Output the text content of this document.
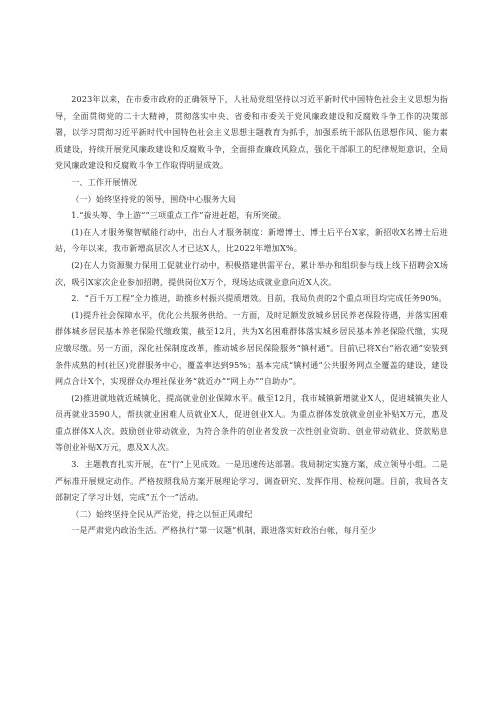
2023年以来，在市委市政府的正确领导下，人社局党组坚持以习近平新时代中国特色社会主义思想为指导，全面贯彻党的二十大精神，贯彻落实中央、省委和市委关于党风廉政建设和反腐败斗争工作的决策部署，以学习贯彻习近平新时代中国特色社会主义思想主题教育为抓手，加强系统干部队伍思想作风、能力素质建设，持续开展党风廉政建设和反腐败斗争，全面排查廉政风险点，强化干部职工的纪律规矩意识，全局党风廉政建设和反腐败斗争工作取得明显成效。

一、工作开展情况

（一）始终坚持党的领导，围绕中心服务大局

1.“拔头筹、争上游”“三项重点工作”奋进赶超，有所突破。

(1)在人才服务聚智赋能行动中，出台人才服务制度：新增博士、博士后平台X家，新招收X名博士后进站，今年以来，我市新增高层次人才已达X人，比2022年增加X%。

(2)在人力资源聚力保用工促就业行动中，积极搭建供需平台，累计举办和组织参与线上线下招聘会X场次，吸引X家次企业参加招聘，提供岗位X万个，现场达成就业意向近X人次。

2．“百千万工程”全力推进，助推乡村振兴提质增效。目前，我局负责的2个重点项目均完成任务90%。

(1)提升社会保障水平，优化公共服务供给。一方面，及时足额发放城乡居民养老保险待遇，并落实困难群体城乡居民基本养老保险代缴政策，截至12月，共为X名困难群体落实城乡居民基本养老保险代缴，实现应缴尽缴。另一方面，深化社保制度改革，推动城乡居民保险服务“镇村通”。目前\已将X台“裕农通”安装到条件成熟的村(社区)党群服务中心，覆盖率达到95%；基本完成“镇村通”公共服务网点全覆盖的建设，建设网点合计X个，实现群众办理社保业务“就近办”“网上办”“自助办”。

(2)推进就地就近城镇化，提高就业创业保障水平。截至12月，我市城镇新增就业X人，促进城镇失业人员再就业3590人，帮扶就业困难人员就业X人，促进创业X人。为重点群体发放就业创业补贴X万元，惠及重点群体X人次。鼓励创业带动就业，为符合条件的创业者发放一次性创业资助、创业带动就业、贷款贴息等创业补贴X万元，惠及X人次。

3．主题教育扎实开展，在“行”上见成效。一是迅速传达部署。我局制定实施方案，成立领导小组。二是严标准开展规定动作。严格按照我局方案开展理论学习、调查研究、发挥作用、检视问题。目前，我局各支部制定了学习计划，完成“五个一”活动。

（二）始终坚持全民从严治党，持之以恒正风肃纪

一是严肃党内政治生活。严格执行“第一议题”机制，跟进落实好政治台帐，每月至少
